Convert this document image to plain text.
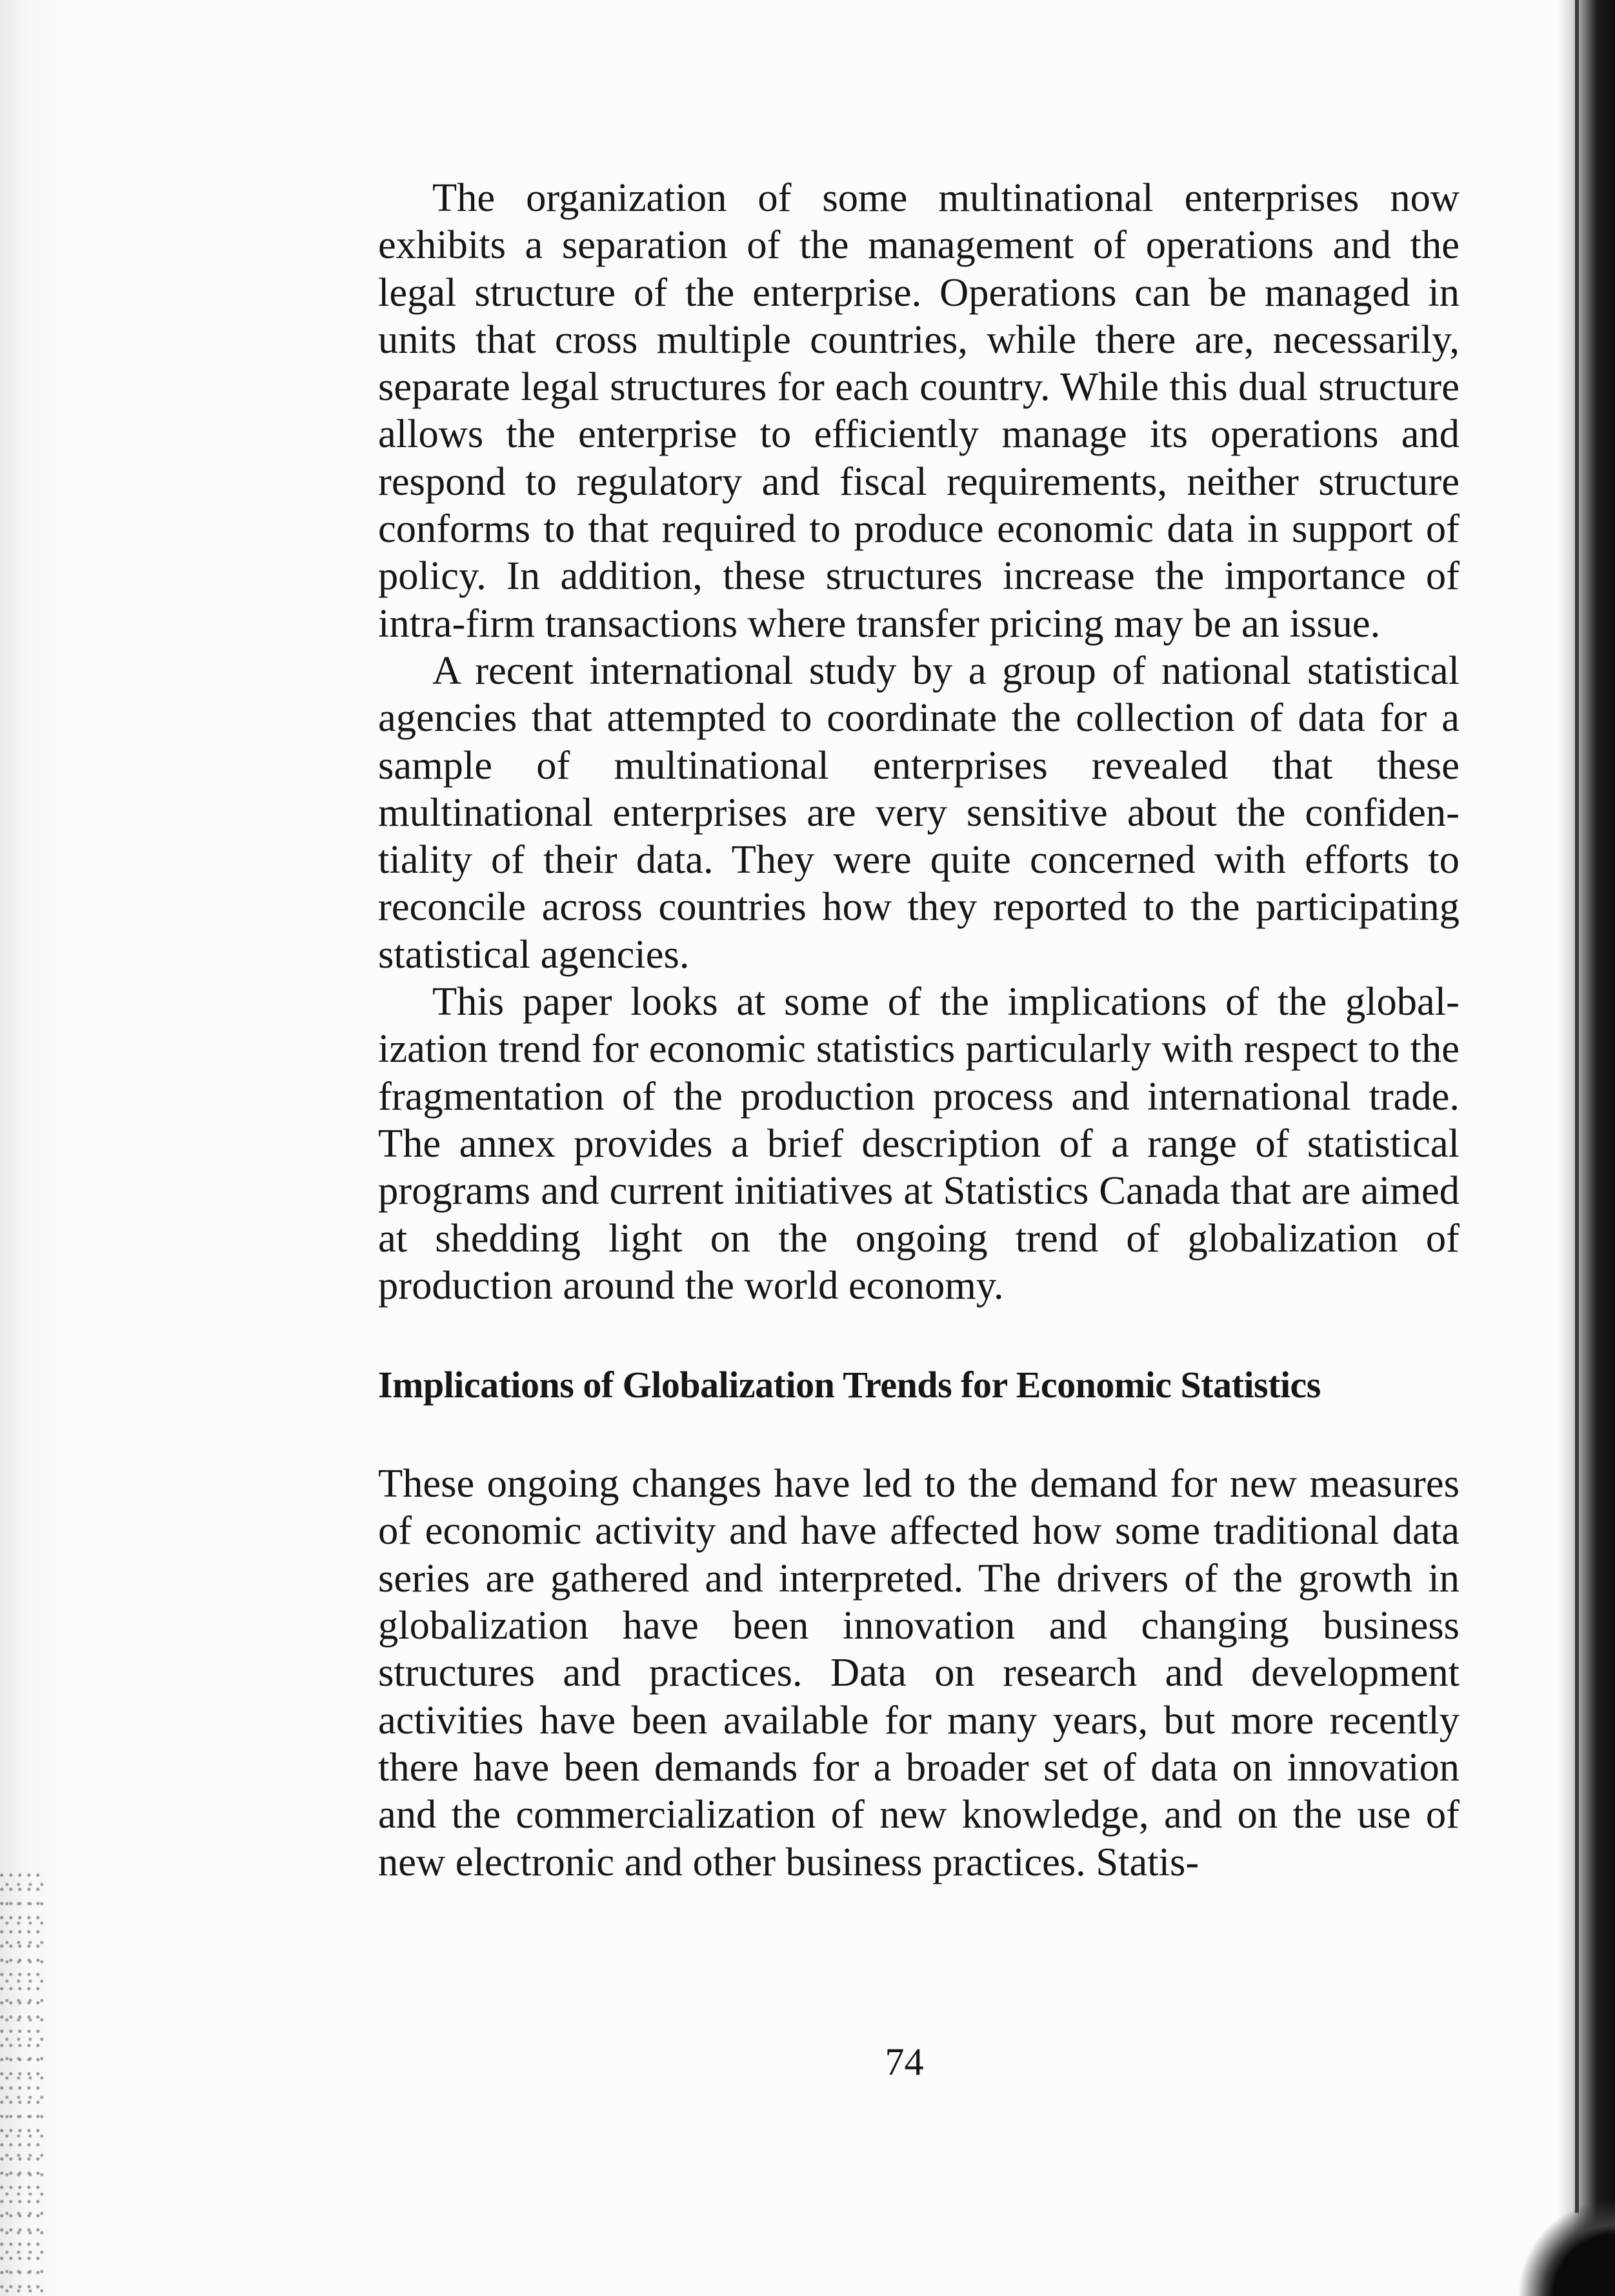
The organization of some multinational enterprises now exhibits a separation of the management of operations and the legal structure of the enterprise. Operations can be managed in units that cross multiple countries, while there are, necessarily, separate legal structures for each country. While this dual structure allows the enterprise to efficiently manage its operations and respond to regulatory and fiscal requirements, neither structure conforms to that required to produce economic data in support of policy. In addition, these structures increase the importance of intra-firm transactions where transfer pricing may be an issue.

A recent international study by a group of national statistical agencies that attempted to coordinate the collection of data for a sample of multinational enterprises revealed that these multinational enterprises are very sensitive about the confidentiality of their data. They were quite concerned with efforts to reconcile across countries how they reported to the participating statistical agencies.

This paper looks at some of the implications of the globalization trend for economic statistics particularly with respect to the fragmentation of the production process and international trade. The annex provides a brief description of a range of statistical programs and current initiatives at Statistics Canada that are aimed at shedding light on the ongoing trend of globalization of production around the world economy.

Implications of Globalization Trends for Economic Statistics

These ongoing changes have led to the demand for new measures of economic activity and have affected how some traditional data series are gathered and interpreted. The drivers of the growth in globalization have been innovation and changing business structures and practices. Data on research and development activities have been available for many years, but more recently there have been demands for a broader set of data on innovation and the commercialization of new knowledge, and on the use of new electronic and other business practices. Statis-

74
